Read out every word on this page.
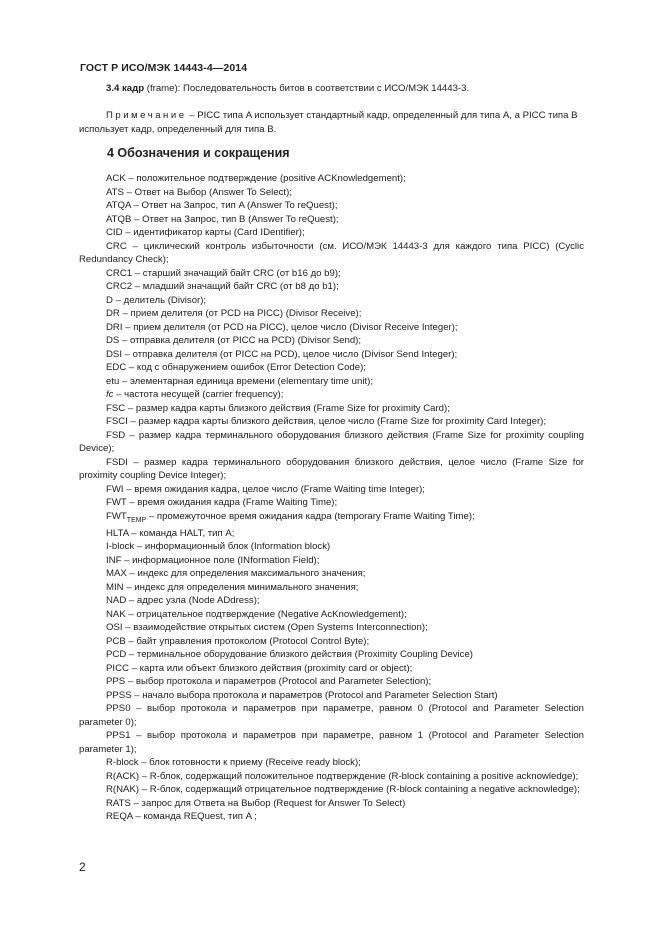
ГОСТ Р ИСО/МЭК 14443-4—2014
3.4 кадр (frame): Последовательность битов в соответствии с ИСО/МЭК 14443-3.
Примечание – PICC типа A использует стандартный кадр, определенный для типа A, а PICC типа B использует кадр, определенный для типа B.
4 Обозначения и сокращения
ACK – положительное подтверждение (positive ACKnowledgement);
ATS – Ответ на Выбор (Answer To Select);
ATQA – Ответ на Запрос, тип A (Answer To reQuest);
ATQB – Ответ на Запрос, тип B (Answer To reQuest);
CID – идентификатор карты (Card IDentifier);
CRC – циклический контроль избыточности (см. ИСО/МЭК 14443-3 для каждого типа PICC) (Cyclic Redundancy Check);
CRC1 – старший значащий байт CRC (от b16 до b9);
CRC2 – младший значащий байт CRC (от b8 до b1);
D – делитель (Divisor);
DR – прием делителя (от PCD на PICC) (Divisor Receive);
DRI – прием делителя (от PCD на PICC), целое число (Divisor Receive Integer);
DS – отправка делителя (от PICC на PCD) (Divisor Send);
DSI – отправка делителя (от PICC на PCD), целое число (Divisor Send Integer);
EDC – код с обнаружением ошибок (Error Detection Code);
etu – элементарная единица времени (elementary time unit);
fc – частота несущей (carrier frequency);
FSC – размер кадра карты близкого действия (Frame Size for proximity Card);
FSCI – размер кадра карты близкого действия, целое число (Frame Size for proximity Card Integer);
FSD – размер кадра терминального оборудования близкого действия (Frame Size for proximity coupling Device);
FSDI – размер кадра терминального оборудования близкого действия, целое число (Frame Size for proximity coupling Device Integer);
FWI – время ожидания кадра, целое число (Frame Waiting time Integer);
FWT – время ожидания кадра (Frame Waiting Time);
$FWT_{TEMP}$ – промежуточное время ожидания кадра (temporary Frame Waiting Time);
HLTA – команда HALT, тип A;
I-block – информационный блок (Information block)
INF – информационное поле (INformation Field);
MAX – индекс для определения максимального значения;
MIN – индекс для определения минимального значения;
NAD – адрес узла (Node ADdress);
NAK – отрицательное подтверждение (Negative AcKnowledgement);
OSI – взаимодействие открытых систем (Open Systems Interconnection);
PCB – байт управления протоколом (Protocol Control Byte);
PCD – терминальное оборудование близкого действия (Proximity Coupling Device)
PICC – карта или объект близкого действия (proximity card or object);
PPS – выбор протокола и параметров (Protocol and Parameter Selection);
PPSS – начало выбора протокола и параметров (Protocol and Parameter Selection Start)
PPS0 – выбор протокола и параметров при параметре, равном 0 (Protocol and Parameter Selection parameter 0);
PPS1 – выбор протокола и параметров при параметре, равном 1 (Protocol and Parameter Selection parameter 1);
R-block – блок готовности к приему (Receive ready block);
R(ACK) – R-блок, содержащий положительное подтверждение (R-block containing a positive acknowledge);
R(NAK) – R-блок, содержащий отрицательное подтверждение (R-block containing a negative acknowledge);
RATS – запрос для Ответа на Выбор (Request for Answer To Select)
REQA – команда REQuest, тип A ;
2
